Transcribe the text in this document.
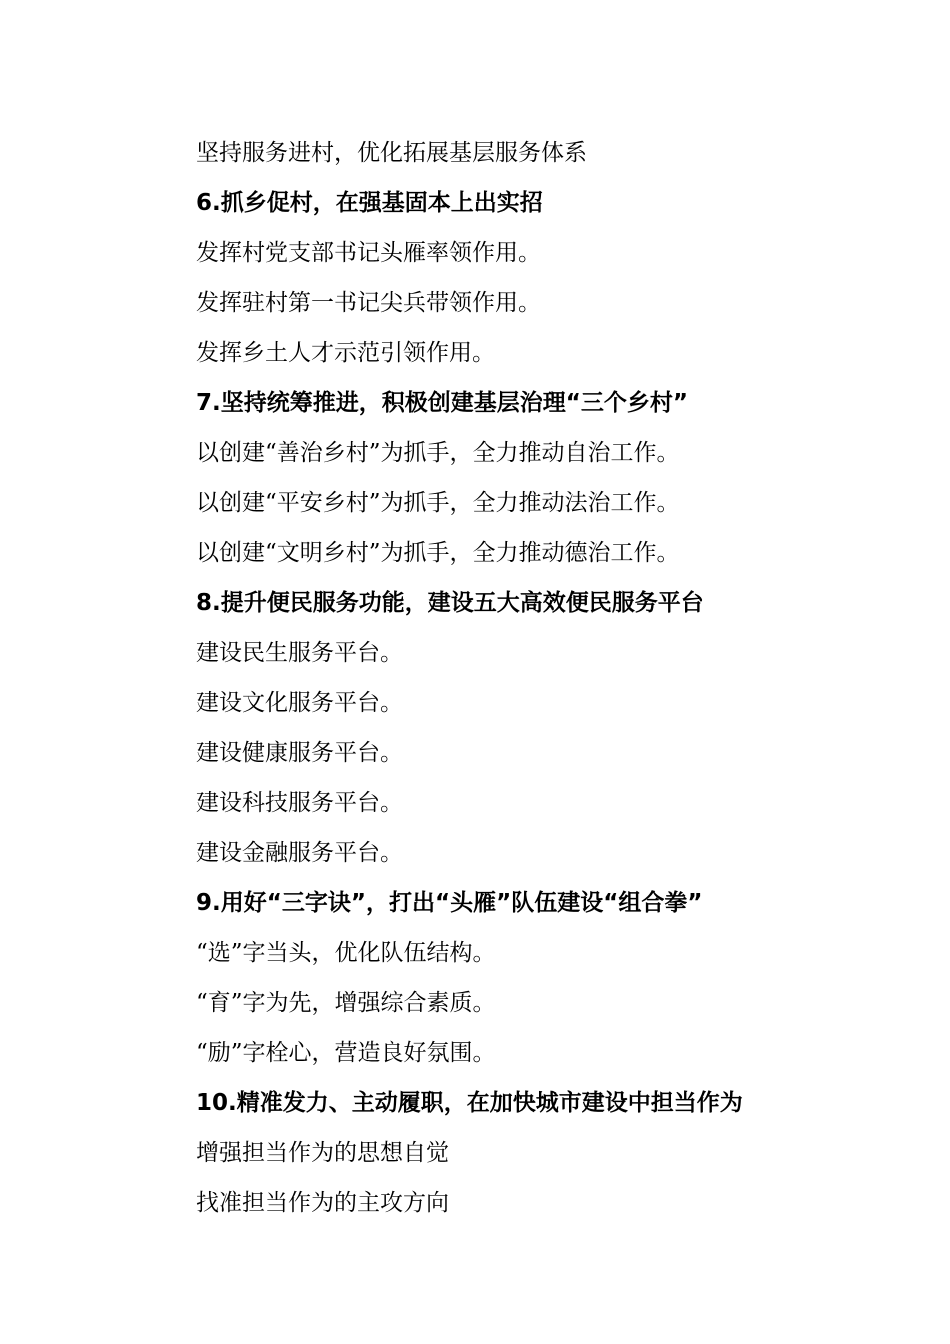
坚持服务进村，优化拓展基层服务体系
6.抓乡促村，在强基固本上出实招
发挥村党支部书记头雁率领作用。
发挥驻村第一书记尖兵带领作用。
发挥乡土人才示范引领作用。
7.坚持统筹推进，积极创建基层治理“三个乡村”
以创建“善治乡村”为抓手，全力推动自治工作。
以创建“平安乡村”为抓手，全力推动法治工作。
以创建“文明乡村”为抓手，全力推动德治工作。
8.提升便民服务功能，建设五大高效便民服务平台
建设民生服务平台。
建设文化服务平台。
建设健康服务平台。
建设科技服务平台。
建设金融服务平台。
9.用好“三字诀”，打出“头雁”队伍建设“组合拳”
“选”字当头，优化队伍结构。
“育”字为先，增强综合素质。
“励”字栓心，营造良好氛围。
10.精准发力、主动履职，在加快城市建设中担当作为
增强担当作为的思想自觉
找准担当作为的主攻方向
